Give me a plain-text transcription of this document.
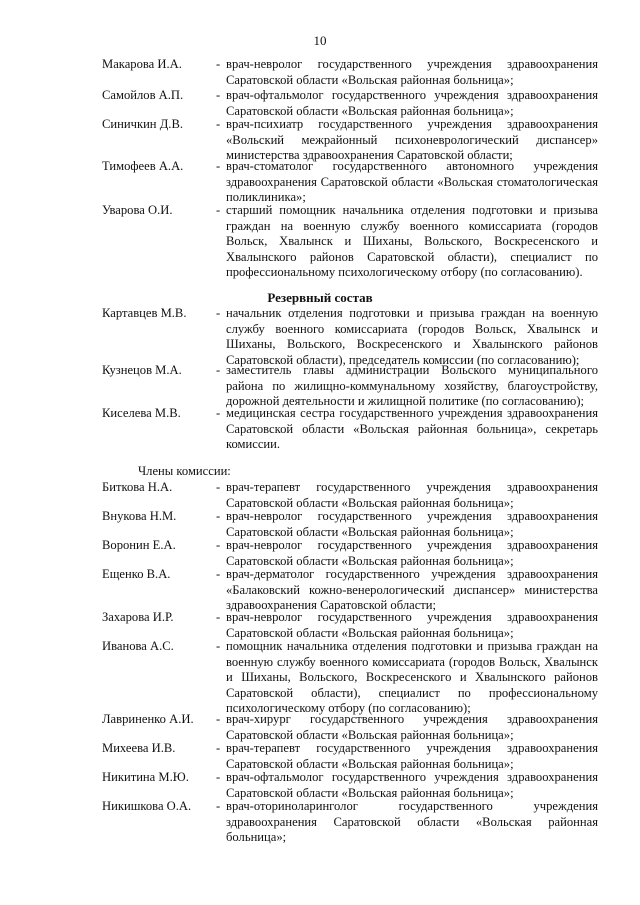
10
Макарова И.А.	- врач-невролог государственного учреждения здравоохранения Саратовской области «Вольская районная больница»;
Самойлов А.П.	- врач-офтальмолог государственного учреждения здравоохранения Саратовской области «Вольская районная больница»;
Синичкин Д.В.	- врач-психиатр государственного учреждения здравоохранения «Вольский межрайонный психоневрологический диспансер» министерства здравоохранения Саратовской области;
Тимофеев А.А.	- врач-стоматолог государственного автономного учреждения здравоохранения Саратовской области «Вольская стоматологическая поликлиника»;
Уварова О.И.	- старший помощник начальника отделения подготовки и призыва граждан на военную службу военного комиссариата (городов Вольск, Хвалынск и Шиханы, Вольского, Воскресенского и Хвалынского районов Саратовской области), специалист по профессиональному психологическому отбору (по согласованию).
Резервный состав
Картавцев М.В. - начальник отделения подготовки и призыва граждан на военную службу военного комиссариата (городов Вольск, Хвалынск и Шиханы, Вольского, Воскресенского и Хвалынского районов Саратовской области), председатель комиссии (по согласованию);
Кузнецов М.А.	- заместитель главы администрации Вольского муниципального района по жилищно-коммунальному хозяйству, благоустройству, дорожной деятельности и жилищной политике (по согласованию);
Киселева М.В.	- медицинская сестра государственного учреждения здравоохранения Саратовской области «Вольская районная больница», секретарь комиссии.
Члены комиссии:
Биткова Н.А.	- врач-терапевт государственного учреждения здравоохранения Саратовской области «Вольская районная больница»;
Внукова Н.М.	- врач-невролог государственного учреждения здравоохранения Саратовской области «Вольская районная больница»;
Воронин Е.А.	- врач-невролог государственного учреждения здравоохранения Саратовской области «Вольская районная больница»;
Ещенко В.А.	- врач-дерматолог государственного учреждения здравоохранения «Балаковский кожно-венерологический диспансер» министерства здравоохранения Саратовской области;
Захарова И.Р.	- врач-невролог государственного учреждения здравоохранения Саратовской области «Вольская районная больница»;
Иванова А.С.	- помощник начальника отделения подготовки и призыва граждан на военную службу военного комиссариата (городов Вольск, Хвалынск и Шиханы, Вольского, Воскресенского и Хвалынского районов Саратовской области), специалист по профессиональному психологическому отбору (по согласованию);
Лавриненко А.И. - врач-хирург государственного учреждения здравоохранения Саратовской области «Вольская районная больница»;
Михеева И.В.	- врач-терапевт государственного учреждения здравоохранения Саратовской области «Вольская районная больница»;
Никитина М.Ю. - врач-офтальмолог государственного учреждения здравоохранения Саратовской области «Вольская районная больница»;
Никишкова О.А. - врач-оториноларинголог государственного учреждения здравоохранения Саратовской области «Вольская районная больница»;
